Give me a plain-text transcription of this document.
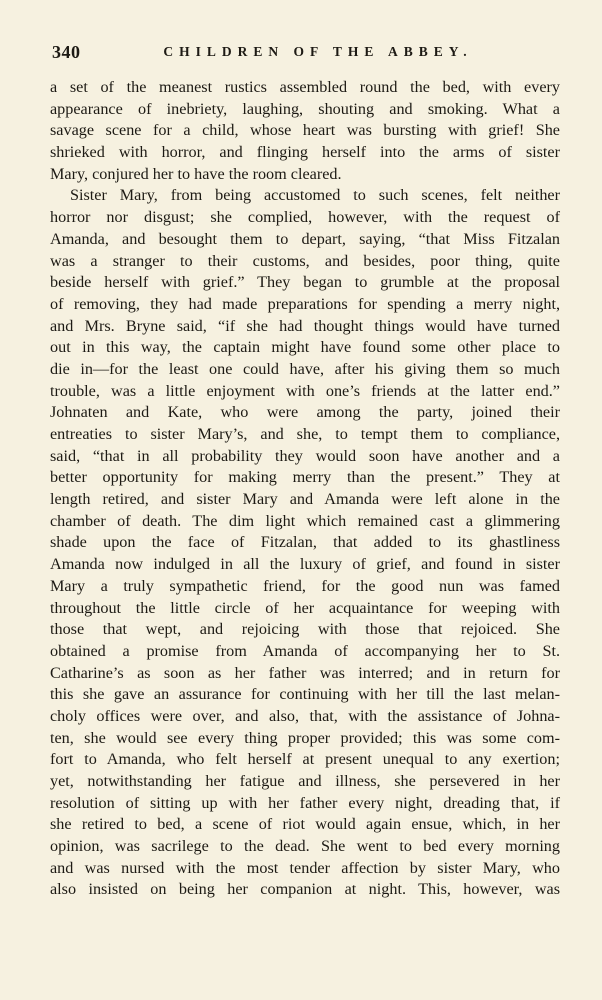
340	CHILDREN OF THE ABBEY.
a set of the meanest rustics assembled round the bed, with every
appearance of inebriety, laughing, shouting and smoking. What a
savage scene for a child, whose heart was bursting with grief! She
shrieked with horror, and flinging herself into the arms of sister
Mary, conjured her to have the room cleared.
Sister Mary, from being accustomed to such scenes, felt neither
horror nor disgust; she complied, however, with the request of
Amanda, and besought them to depart, saying, “that Miss Fitzalan
was a stranger to their customs, and besides, poor thing, quite
beside herself with grief.” They began to grumble at the proposal
of removing, they had made preparations for spending a merry night,
and Mrs. Bryne said, “if she had thought things would have turned
out in this way, the captain might have found some other place to
die in—for the least one could have, after his giving them so much
trouble, was a little enjoyment with one’s friends at the latter end.”
Johnaten and Kate, who were among the party, joined their
entreaties to sister Mary’s, and she, to tempt them to compliance,
said, “that in all probability they would soon have another and a
better opportunity for making merry than the present.” They at
length retired, and sister Mary and Amanda were left alone in the
chamber of death. The dim light which remained cast a glimmering
shade upon the face of Fitzalan, that added to its ghastliness
Amanda now indulged in all the luxury of grief, and found in sister
Mary a truly sympathetic friend, for the good nun was famed
throughout the little circle of her acquaintance for weeping with
those that wept, and rejoicing with those that rejoiced. She
obtained a promise from Amanda of accompanying her to St.
Catharine’s as soon as her father was interred; and in return for
this she gave an assurance for continuing with her till the last melan-
choly offices were over, and also, that, with the assistance of Johna-
ten, she would see every thing proper provided; this was some com-
fort to Amanda, who felt herself at present unequal to any exertion;
yet, notwithstanding her fatigue and illness, she persevered in her
resolution of sitting up with her father every night, dreading that, if
she retired to bed, a scene of riot would again ensue, which, in her
opinion, was sacrilege to the dead. She went to bed every morning
and was nursed with the most tender affection by sister Mary, who
also insisted on being her companion at night. This, however, was
